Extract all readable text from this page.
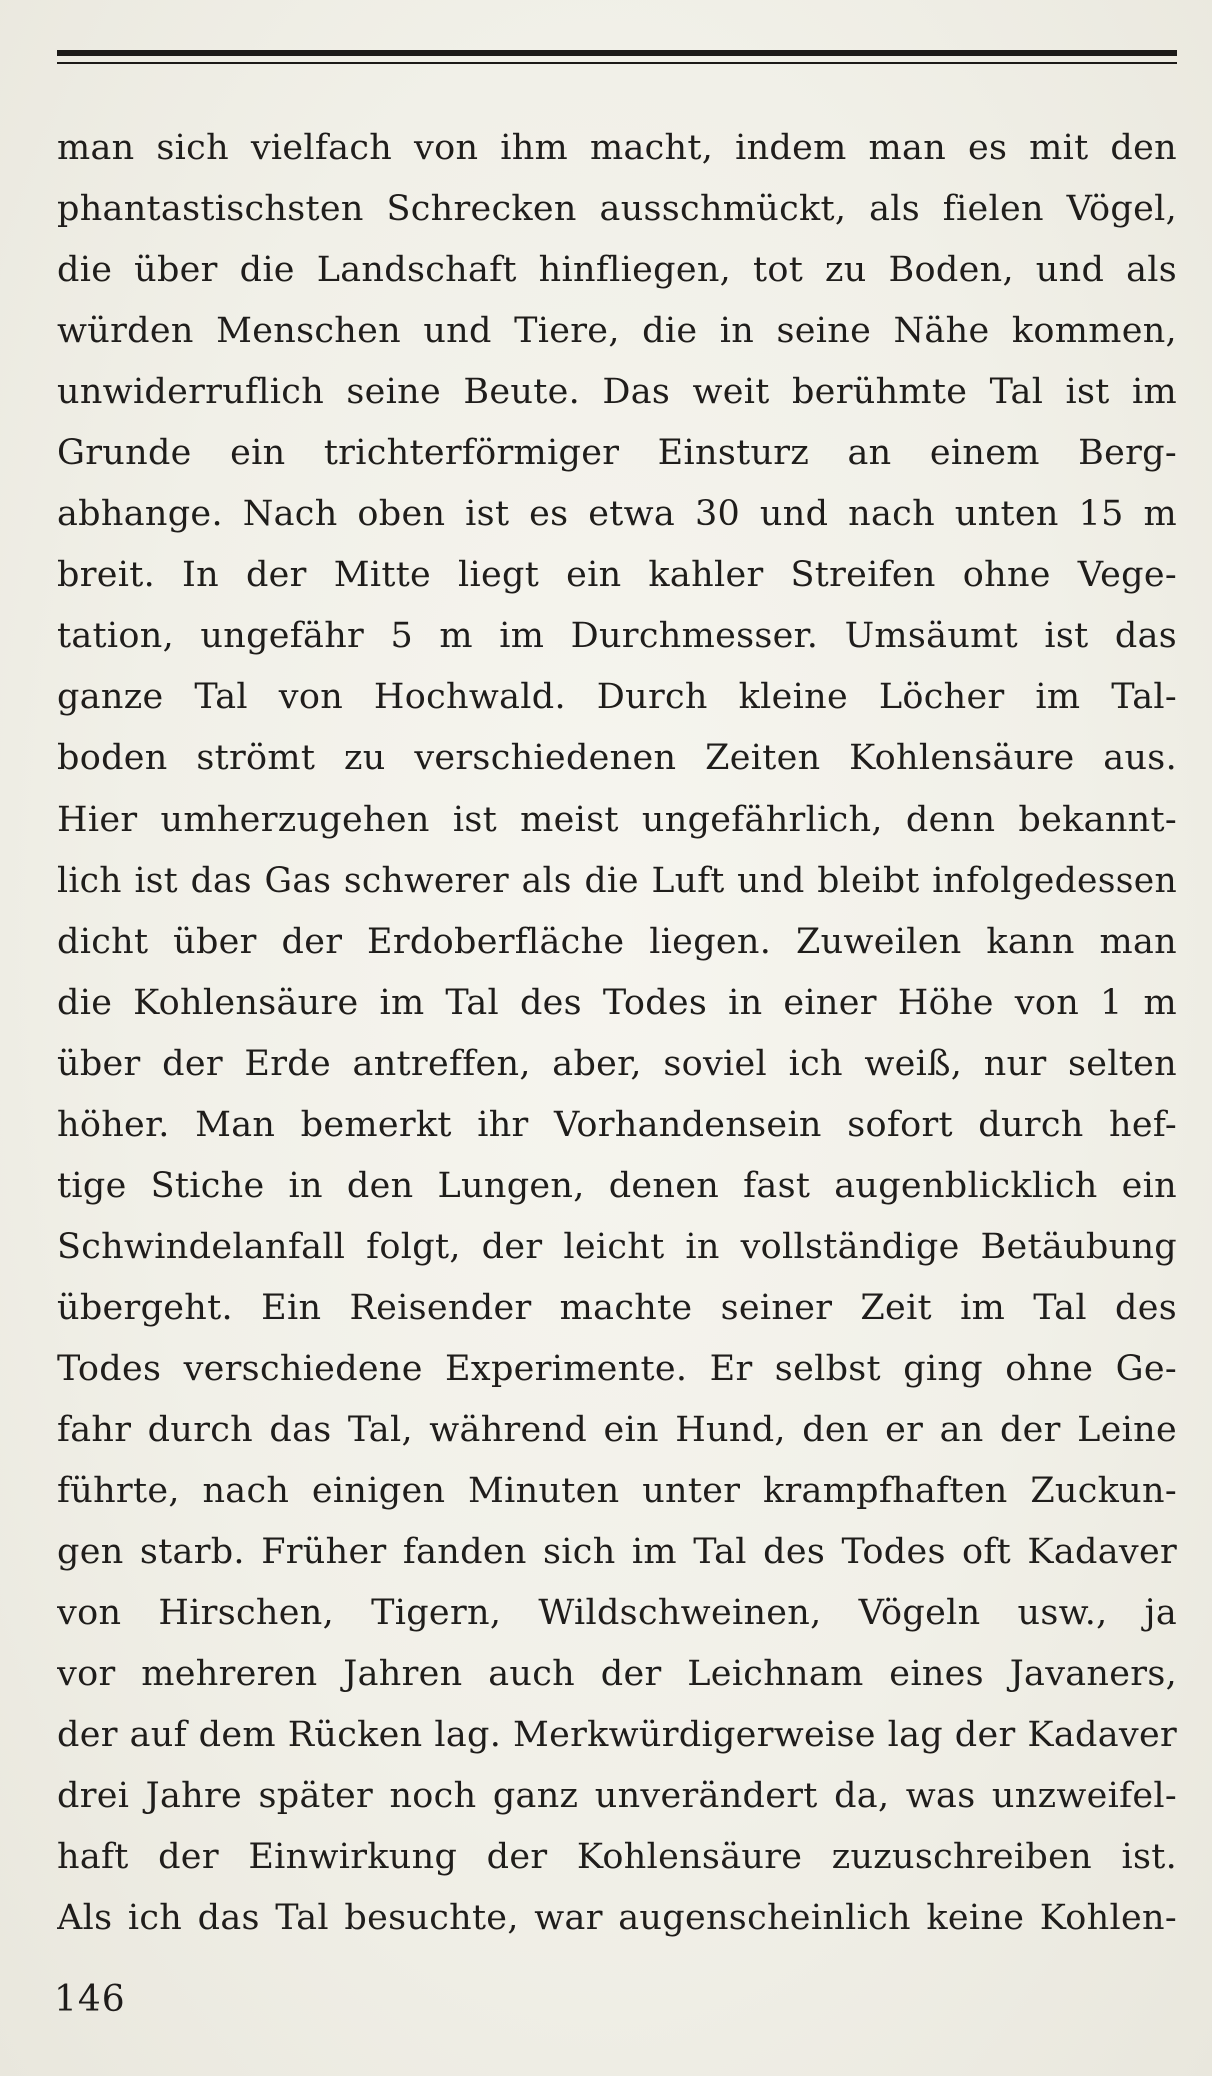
man sich vielfach von ihm macht, indem man es mit den
phantastischsten Schrecken ausschmückt, als fielen Vögel,
die über die Landschaft hinfliegen, tot zu Boden, und als
würden Menschen und Tiere, die in seine Nähe kommen,
unwiderruflich seine Beute. Das weit berühmte Tal ist im
Grunde ein trichterförmiger Einsturz an einem Berg-
abhange. Nach oben ist es etwa 30 und nach unten 15 m
breit. In der Mitte liegt ein kahler Streifen ohne Vege-
tation, ungefähr 5 m im Durchmesser. Umsäumt ist das
ganze Tal von Hochwald. Durch kleine Löcher im Tal-
boden strömt zu verschiedenen Zeiten Kohlensäure aus.
Hier umherzugehen ist meist ungefährlich, denn bekannt-
lich ist das Gas schwerer als die Luft und bleibt infolgedessen
dicht über der Erdoberfläche liegen. Zuweilen kann man
die Kohlensäure im Tal des Todes in einer Höhe von 1 m
über der Erde antreffen, aber, soviel ich weiß, nur selten
höher. Man bemerkt ihr Vorhandensein sofort durch hef-
tige Stiche in den Lungen, denen fast augenblicklich ein
Schwindelanfall folgt, der leicht in vollständige Betäubung
übergeht. Ein Reisender machte seiner Zeit im Tal des
Todes verschiedene Experimente. Er selbst ging ohne Ge-
fahr durch das Tal, während ein Hund, den er an der Leine
führte, nach einigen Minuten unter krampfhaften Zuckun-
gen starb. Früher fanden sich im Tal des Todes oft Kadaver
von Hirschen, Tigern, Wildschweinen, Vögeln usw., ja
vor mehreren Jahren auch der Leichnam eines Javaners,
der auf dem Rücken lag. Merkwürdigerweise lag der Kadaver
drei Jahre später noch ganz unverändert da, was unzweifel-
haft der Einwirkung der Kohlensäure zuzuschreiben ist.
Als ich das Tal besuchte, war augenscheinlich keine Kohlen-
146
